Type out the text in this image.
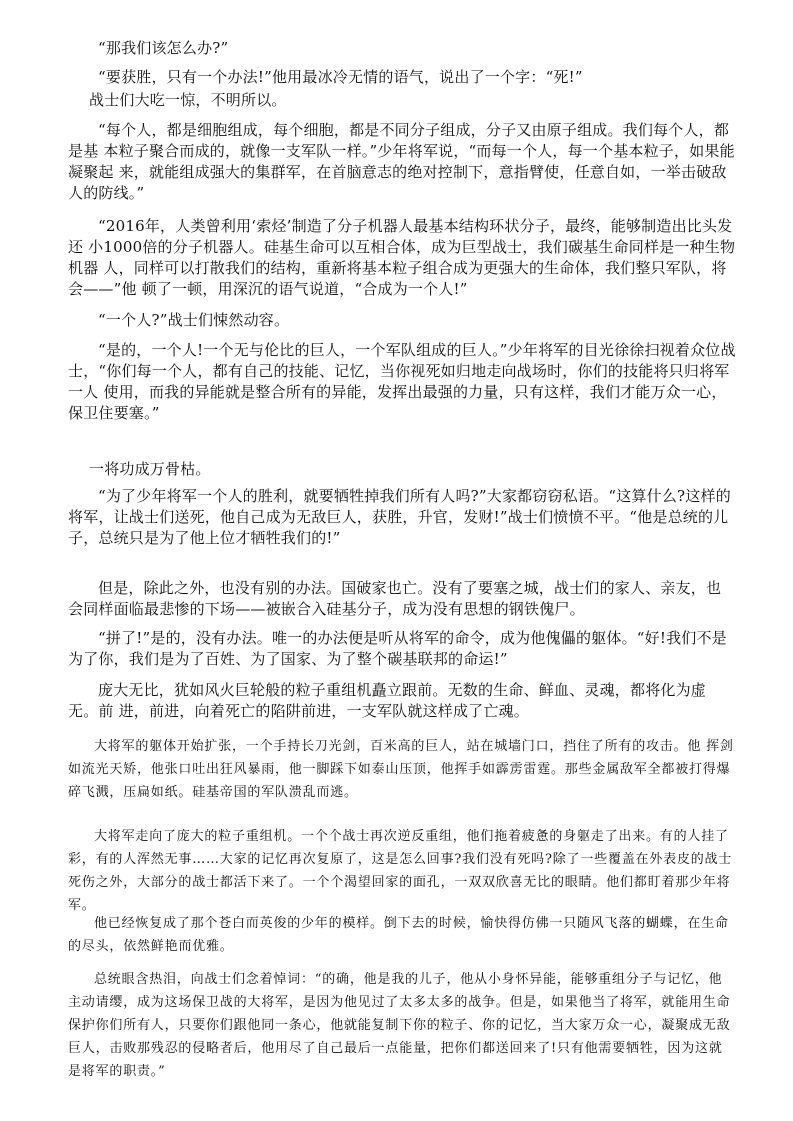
“那我们该怎么办?”

“要获胜，只有一个办法!”他用最冰冷无情的语气，说出了一个字：“死!”

战士们大吃一惊，不明所以。

“每个人，都是细胞组成，每个细胞，都是不同分子组成，分子又由原子组成。我们每个人，都是基 本粒子聚合而成的，就像一支军队一样。”少年将军说，“而每一个人，每一个基本粒子，如果能凝聚起 来，就能组成强大的集群军，在首脑意志的绝对控制下，意指臂使，任意自如，一举击破敌人的防线。”

“2016年，人类曾利用‘索烃’制造了分子机器人最基本结构环状分子，最终，能够制造出比头发还 小1000倍的分子机器人。硅基生命可以互相合体，成为巨型战士，我们碳基生命同样是一种生物机器 人，同样可以打散我们的结构，重新将基本粒子组合成为更强大的生命体，我们整只军队，将会——”他 顿了一顿，用深沉的语气说道，“合成为一个人!”

“一个人?”战士们悚然动容。

“是的，一个人!一个无与伦比的巨人，一个军队组成的巨人。”少年将军的目光徐徐扫视着众位战 士，“你们每一个人，都有自己的技能、记忆，当你视死如归地走向战场时，你们的技能将只归将军一人 使用，而我的异能就是整合所有的异能，发挥出最强的力量，只有这样，我们才能万众一心，保卫住要塞。”

一将功成万骨枯。

“为了少年将军一个人的胜利，就要牺牲掉我们所有人吗?”大家都窃窃私语。“这算什么?这样的 将军，让战士们送死，他自己成为无敌巨人，获胜，升官，发财!”战士们愤愤不平。“他是总统的儿子，总统只是为了他上位才牺牲我们的!”

但是，除此之外，也没有别的办法。国破家也亡。没有了要塞之城，战士们的家人、亲友，也会同样面临最悲惨的下场——被嵌合入硅基分子，成为没有思想的钢铁傀尸。

“拼了!”是的，没有办法。唯一的办法便是听从将军的命令，成为他傀儡的躯体。“好!我们不是为了你，我们是为了百姓、为了国家、为了整个碳基联邦的命运!”

庞大无比，犹如风火巨轮般的粒子重组机矗立跟前。无数的生命、鲜血、灵魂，都将化为虚无。前 进，前进，向着死亡的陷阱前进，一支军队就这样成了亡魂。

大将军的躯体开始扩张，一个手持长刀光剑，百米高的巨人，站在城墙门口，挡住了所有的攻击。他 挥剑如流光天矫，他张口吐出狂风暴雨，他一脚踩下如泰山压顶，他挥手如霹雳雷霆。那些金属敌军全都被打得爆碎飞溅，压扁如纸。硅基帝国的军队溃乱而逃。

大将军走向了庞大的粒子重组机。一个个战士再次逆反重组，他们拖着疲惫的身躯走了出来。有的人挂了彩，有的人浑然无事……大家的记忆再次复原了，这是怎么回事?我们没有死吗?除了一些覆盖在外表皮的战士死伤之外，大部分的战士都活下来了。一个个渴望回家的面孔，一双双欣喜无比的眼睛。他们都盯着那少年将军。

他已经恢复成了那个苍白而英俊的少年的模样。倒下去的时候，愉快得仿佛一只随风飞落的蝴蝶，在生命的尽头，依然鲜艳而优雅。

总统眼含热泪，向战士们念着悼词：“的确，他是我的儿子，他从小身怀异能，能够重组分子与记忆，他主动请缨，成为这场保卫战的大将军，是因为他见过了太多太多的战争。但是，如果他当了将军，就能用生命保护你们所有人，只要你们跟他同一条心，他就能复制下你的粒子、你的记忆，当大家万众一心，凝聚成无敌巨人，击败那残忍的侵略者后，他用尽了自己最后一点能量，把你们都送回来了!只有他需要牺牲，因为这就是将军的职责。”
